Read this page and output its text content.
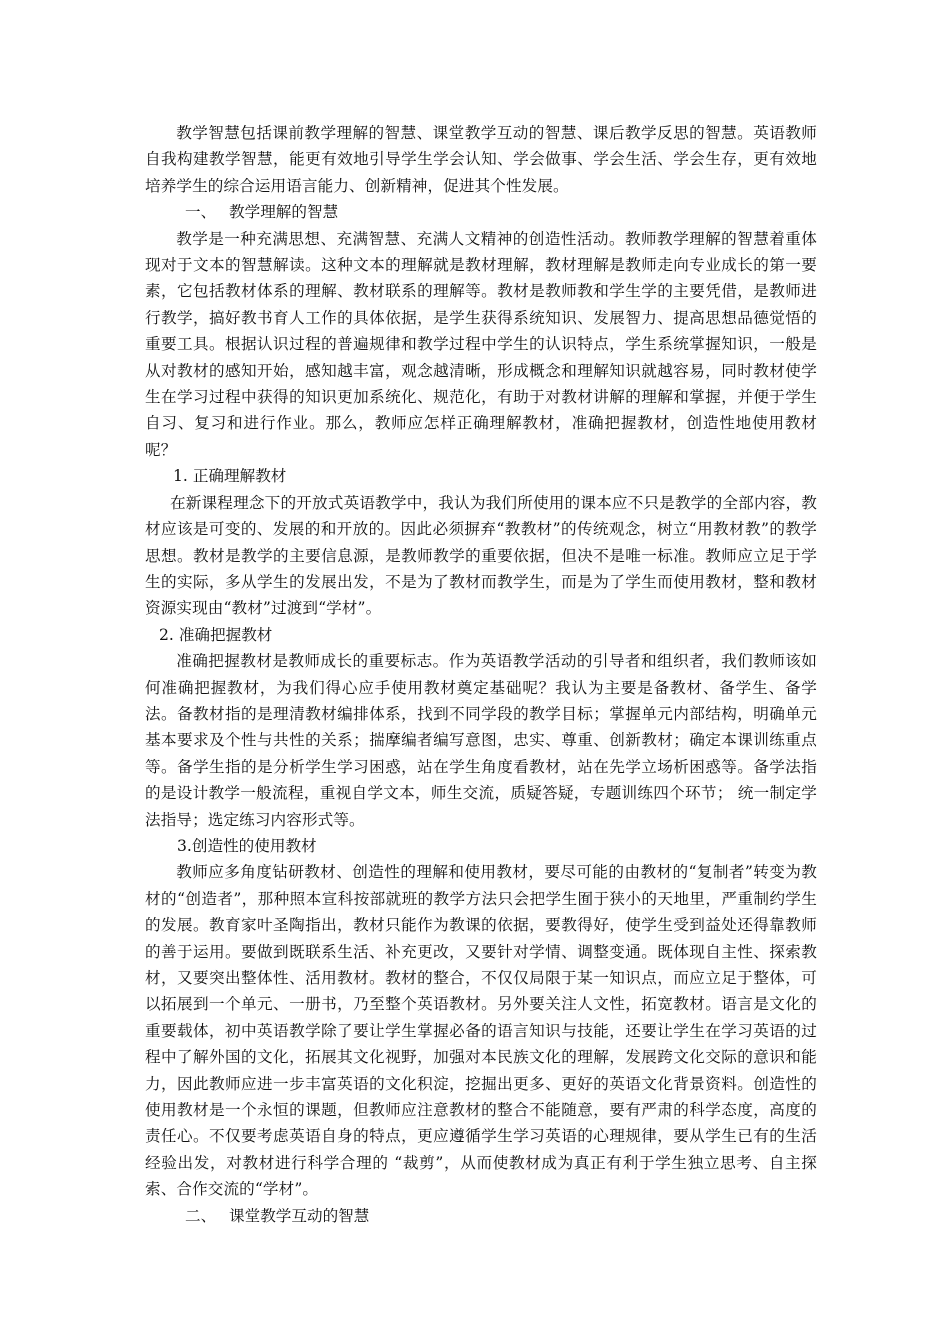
教学智慧包括课前教学理解的智慧、课堂教学互动的智慧、课后教学反思的智慧。英语教师自我构建教学智慧，能更有效地引导学生学会认知、学会做事、学会生活、学会生存，更有效地培养学生的综合运用语言能力、创新精神，促进其个性发展。

一、 教学理解的智慧

教学是一种充满思想、充满智慧、充满人文精神的创造性活动。教师教学理解的智慧着重体现对于文本的智慧解读。这种文本的理解就是教材理解，教材理解是教师走向专业成长的第一要素，它包括教材体系的理解、教材联系的理解等。教材是教师教和学生学的主要凭借，是教师进行教学，搞好教书育人工作的具体依据，是学生获得系统知识、发展智力、提高思想品德觉悟的重要工具。根据认识过程的普遍规律和教学过程中学生的认识特点，学生系统掌握知识，一般是从对教材的感知开始，感知越丰富，观念越清晰，形成概念和理解知识就越容易，同时教材使学生在学习过程中获得的知识更加系统化、规范化，有助于对教材讲解的理解和掌握，并便于学生自习、复习和进行作业。那么，教师应怎样正确理解教材，准确把握教材，创造性地使用教材呢？

1. 正确理解教材

在新课程理念下的开放式英语教学中，我认为我们所使用的课本应不只是教学的全部内容，教材应该是可变的、发展的和开放的。因此必须摒弃“教教材”的传统观念，树立“用教材教”的教学思想。教材是教学的主要信息源，是教师教学的重要依据，但决不是唯一标准。教师应立足于学生的实际，多从学生的发展出发，不是为了教材而教学生，而是为了学生而使用教材，整和教材资源实现由“教材”过渡到“学材”。

2. 准确把握教材

准确把握教材是教师成长的重要标志。作为英语教学活动的引导者和组织者，我们教师该如何准确把握教材，为我们得心应手使用教材奠定基础呢？我认为主要是备教材、备学生、备学法。备教材指的是理清教材编排体系，找到不同学段的教学目标；掌握单元内部结构，明确单元基本要求及个性与共性的关系；揣摩编者编写意图，忠实、尊重、创新教材；确定本课训练重点等。备学生指的是分析学生学习困惑，站在学生角度看教材，站在先学立场析困惑等。备学法指的是设计教学一般流程，重视自学文本，师生交流，质疑答疑，专题训练四个环节； 统一制定学法指导；选定练习内容形式等。

3.创造性的使用教材

教师应多角度钻研教材、创造性的理解和使用教材，要尽可能的由教材的“复制者”转变为教材的“创造者”，那种照本宣科按部就班的教学方法只会把学生囿于狭小的天地里，严重制约学生的发展。教育家叶圣陶指出，教材只能作为教课的依据，要教得好，使学生受到益处还得靠教师的善于运用。要做到既联系生活、补充更改，又要针对学情、调整变通。既体现自主性、探索教材，又要突出整体性、活用教材。教材的整合，不仅仅局限于某一知识点，而应立足于整体，可以拓展到一个单元、一册书，乃至整个英语教材。另外要关注人文性，拓宽教材。语言是文化的重要载体，初中英语教学除了要让学生掌握必备的语言知识与技能，还要让学生在学习英语的过程中了解外国的文化，拓展其文化视野，加强对本民族文化的理解，发展跨文化交际的意识和能力，因此教师应进一步丰富英语的文化积淀，挖掘出更多、更好的英语文化背景资料。创造性的使用教材是一个永恒的课题，但教师应注意教材的整合不能随意，要有严肃的科学态度，高度的责任心。不仅要考虑英语自身的特点，更应遵循学生学习英语的心理规律，要从学生已有的生活经验出发，对教材进行科学合理的 “裁剪”，从而使教材成为真正有利于学生独立思考、自主探索、合作交流的“学材”。

二、 课堂教学互动的智慧
